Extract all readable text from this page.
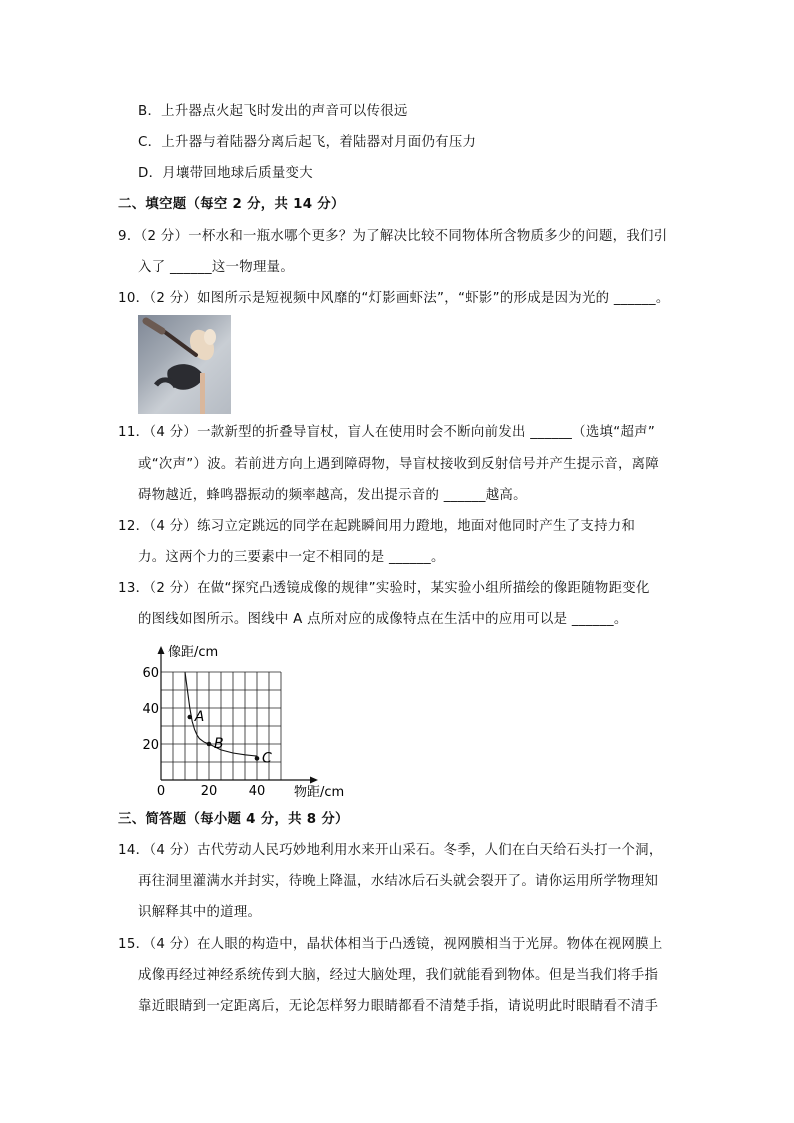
B．上升器点火起飞时发出的声音可以传很远
C．上升器与着陆器分离后起飞，着陆器对月面仍有压力
D．月壤带回地球后质量变大
二、填空题（每空 2 分，共 14 分）
9．（2 分）一杯水和一瓶水哪个更多？为了解决比较不同物体所含物质多少的问题，我们引
入了 ______这一物理量。
10．（2 分）如图所示是短视频中风靡的“灯影画虾法”，“虾影”的形成是因为光的 ______。
11．（4 分）一款新型的折叠导盲杖，盲人在使用时会不断向前发出 ______（选填“超声”
或“次声”）波。若前进方向上遇到障碍物，导盲杖接收到反射信号并产生提示音，离障
碍物越近，蜂鸣器振动的频率越高，发出提示音的 ______越高。
12．（4 分）练习立定跳远的同学在起跳瞬间用力蹬地，地面对他同时产生了支持力和
力。这两个力的三要素中一定不相同的是 ______。
13．（2 分）在做“探究凸透镜成像的规律”实验时，某实验小组所描绘的像距随物距变化
的图线如图所示。图线中 A 点所对应的成像特点在生活中的应用可以是 ______。
像距/cm
物距/cm
0	20 40
20
40
60
A
B
C
三、简答题（每小题 4 分，共 8 分）
14．（4 分）古代劳动人民巧妙地利用水来开山采石。冬季，人们在白天给石头打一个洞，
再往洞里灌满水并封实，待晚上降温，水结冰后石头就会裂开了。请你运用所学物理知
识解释其中的道理。
15．（4 分）在人眼的构造中，晶状体相当于凸透镜，视网膜相当于光屏。物体在视网膜上
成像再经过神经系统传到大脑，经过大脑处理，我们就能看到物体。但是当我们将手指
靠近眼睛到一定距离后，无论怎样努力眼睛都看不清楚手指，请说明此时眼睛看不清手
